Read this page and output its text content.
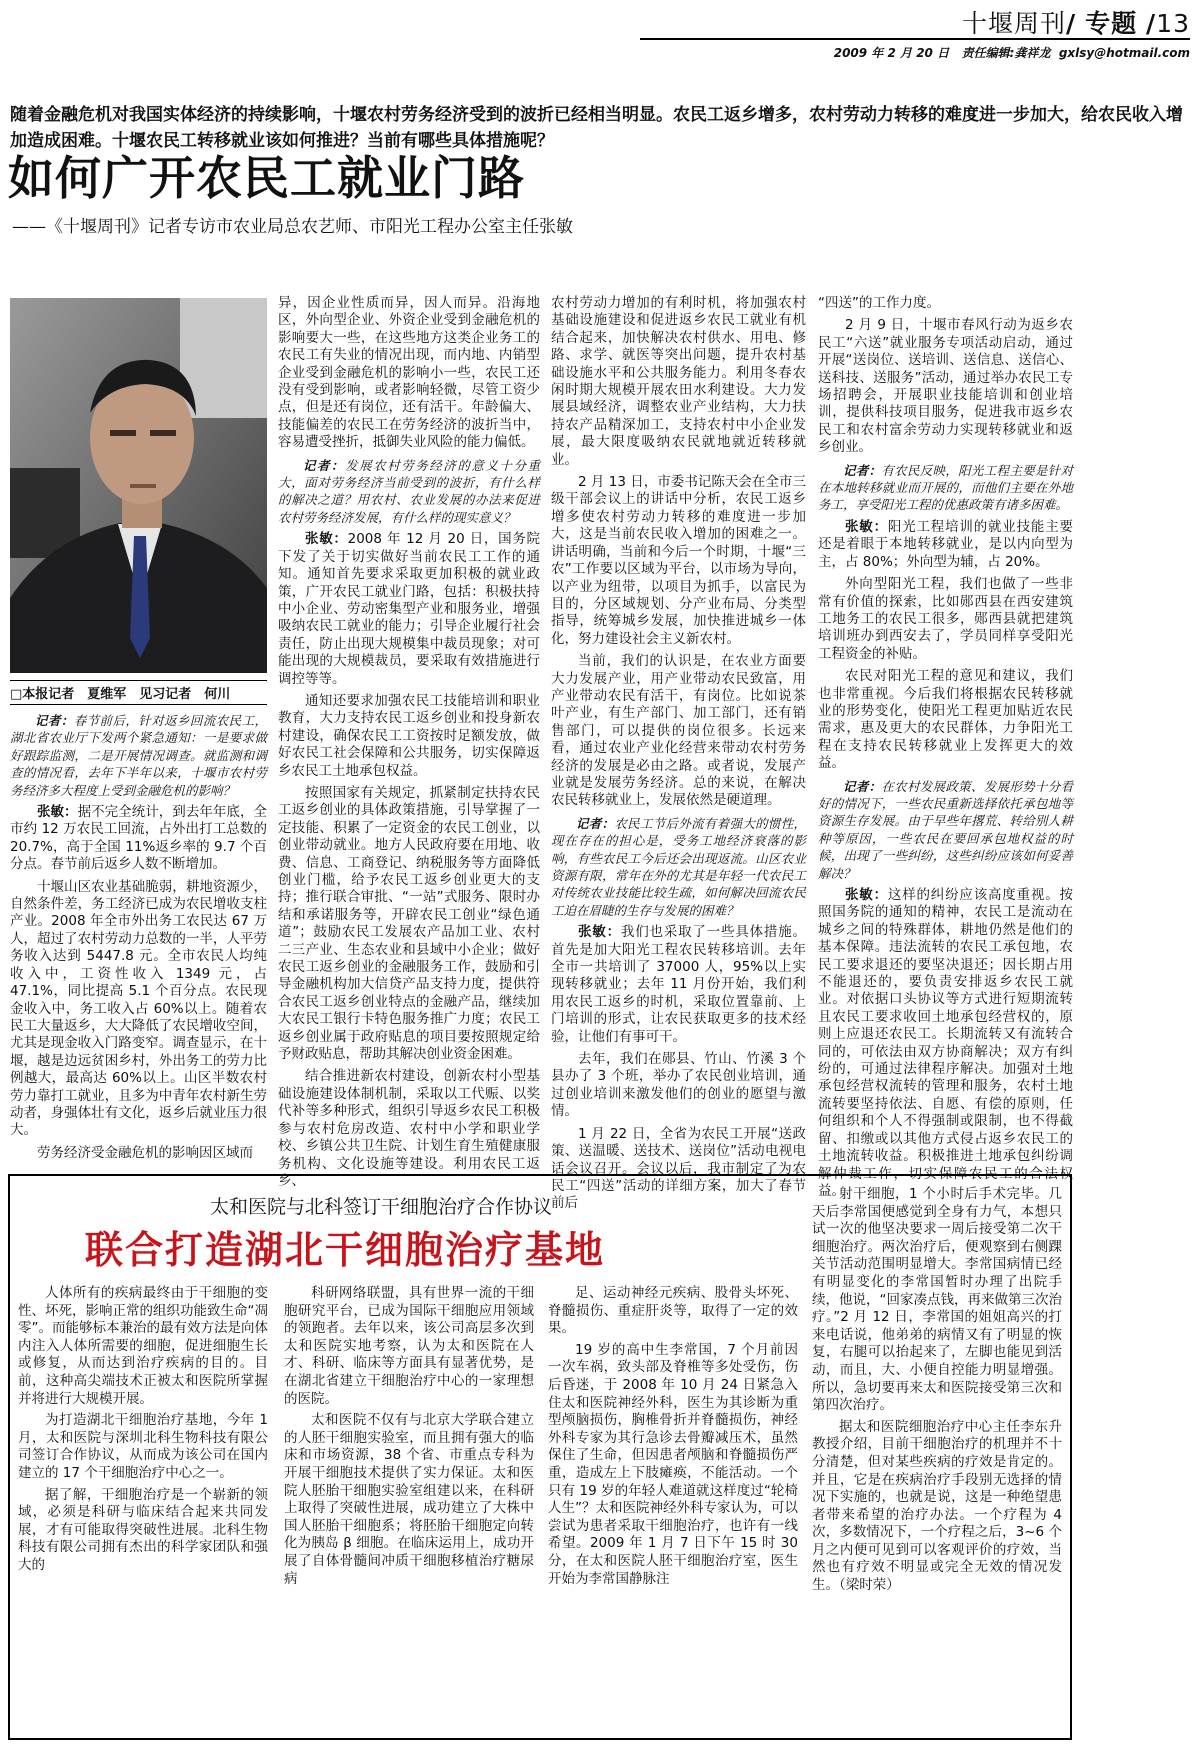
十堰周刊/ 专题 /13
2009 年 2 月 20 日 责任编辑:龚祥龙 gxlsy@hotmail.com
随着金融危机对我国实体经济的持续影响，十堰农村劳务经济受到的波折已经相当明显。农民工返乡增多，农村劳动力转移的难度进一步加大，给农民收入增加造成困难。十堰农民工转移就业该如何推进？当前有哪些具体措施呢？
如何广开农民工就业门路
——《十堰周刊》记者专访市农业局总农艺师、市阳光工程办公室主任张敏
□本报记者　夏维军　见习记者　何川

记者：春节前后，针对返乡回流农民工，湖北省农业厅下发两个紧急通知：一是要求做好跟踪监测，二是开展情况调查。就监测和调查的情况看，去年下半年以来，十堰市农村劳务经济多大程度上受到金融危机的影响？

张敏：据不完全统计，到去年年底，全市约 12 万农民工回流，占外出打工总数的 20.7%，高于全国 11%返乡率的 9.7 个百分点。春节前后返乡人数不断增加。

十堰山区农业基础脆弱，耕地资源少，自然条件差，务工经济已成为农民增收支柱产业。2008 年全市外出务工农民达 67 万人，超过了农村劳动力总数的一半，人平劳务收入达到 5447.8 元。全市农民人均纯收入中，工资性收入 1349 元，占 47.1%，同比提高 5.1 个百分点。农民现金收入中，务工收入占 60%以上。随着农民工大量返乡，大大降低了农民增收空间，尤其是现金收入门路变窄。调查显示，在十堰，越是边远贫困乡村，外出务工的劳力比例越大，最高达 60%以上。山区半数农村劳力靠打工就业，且多为中青年农村新生劳动者，身强体壮有文化，返乡后就业压力很大。

劳务经济受金融危机的影响因区域而

异，因企业性质而异，因人而异。沿海地区，外向型企业、外资企业受到金融危机的影响要大一些，在这些地方这类企业务工的农民工有失业的情况出现，而内地、内销型企业受到金融危机的影响小一些，农民工还没有受到影响，或者影响轻微，尽管工资少点，但是还有岗位，还有活干。年龄偏大、技能偏差的农民工在劳务经济的波折当中，容易遭受挫折，抵御失业风险的能力偏低。

记者：发展农村劳务经济的意义十分重大，面对劳务经济当前受到的波折，有什么样的解决之道？用农村、农业发展的办法来促进农村劳务经济发展，有什么样的现实意义？

张敏：2008 年 12 月 20 日，国务院下发了关于切实做好当前农民工工作的通知。通知首先要求采取更加积极的就业政策，广开农民工就业门路，包括：积极扶持中小企业、劳动密集型产业和服务业，增强吸纳农民工就业的能力；引导企业履行社会责任，防止出现大规模集中裁员现象；对可能出现的大规模裁员，要采取有效措施进行调控等等。

通知还要求加强农民工技能培训和职业教育，大力支持农民工返乡创业和投身新农村建设，确保农民工工资按时足额发放，做好农民工社会保障和公共服务，切实保障返乡农民工土地承包权益。

按照国家有关规定，抓紧制定扶持农民工返乡创业的具体政策措施，引导掌握了一定技能、积累了一定资金的农民工创业，以创业带动就业。地方人民政府要在用地、收费、信息、工商登记、纳税服务等方面降低创业门槛，给予农民工返乡创业更大的支持；推行联合审批、“一站”式服务、限时办结和承诺服务等，开辟农民工创业“绿色通道”；鼓励农民工发展农产品加工业、农村二三产业、生态农业和县域中小企业；做好农民工返乡创业的金融服务工作，鼓励和引导金融机构加大信贷产品支持力度，提供符合农民工返乡创业特点的金融产品，继续加大农民工银行卡特色服务推广力度；农民工返乡创业属于政府贴息的项目要按照规定给予财政贴息，帮助其解决创业资金困难。

结合推进新农村建设，创新农村小型基础设施建设体制机制，采取以工代赈、以奖代补等多种形式，组织引导返乡农民工积极参与农村危房改造、农村中小学和职业学校、乡镇公共卫生院、计划生育生殖健康服务机构、文化设施等建设。利用农民工返乡、

农村劳动力增加的有利时机，将加强农村基础设施建设和促进返乡农民工就业有机结合起来，加快解决农村供水、用电、修路、求学、就医等突出问题，提升农村基础设施水平和公共服务能力。利用冬春农闲时期大规模开展农田水利建设。大力发展县域经济，调整农业产业结构，大力扶持农产品精深加工，支持农村中小企业发展，最大限度吸纳农民就地就近转移就业。

2 月 13 日，市委书记陈天会在全市三级干部会议上的讲话中分析，农民工返乡增多使农村劳动力转移的难度进一步加大，这是当前农民收入增加的困难之一。讲话明确，当前和今后一个时期，十堰“三农”工作要以区域为平台，以市场为导向，以产业为纽带，以项目为抓手，以富民为目的，分区域规划、分产业布局、分类型指导，统筹城乡发展，加快推进城乡一体化，努力建设社会主义新农村。

当前，我们的认识是，在农业方面要大力发展产业，用产业带动农民致富，用产业带动农民有活干，有岗位。比如说茶叶产业，有生产部门、加工部门，还有销售部门，可以提供的岗位很多。长远来看，通过农业产业化经营来带动农村劳务经济的发展是必由之路。或者说，发展产业就是发展劳务经济。总的来说，在解决农民转移就业上，发展依然是硬道理。

记者：农民工节后外流有着强大的惯性，现在存在的担心是，受务工地经济衰落的影响，有些农民工今后还会出现返流。山区农业资源有限，常年在外的尤其是年轻一代农民工对传统农业技能比较生疏，如何解决回流农民工迫在眉睫的生存与发展的困难？

张敏：我们也采取了一些具体措施。首先是加大阳光工程农民转移培训。去年全市一共培训了 37000 人，95%以上实现转移就业；去年 11 月份开始，我们利用农民工返乡的时机，采取位置靠前、上门培训的形式，让农民获取更多的技术经验，让他们有事可干。

去年，我们在郧县、竹山、竹溪 3 个县办了 3 个班，举办了农民创业培训，通过创业培训来激发他们的创业的愿望与激情。

1 月 22 日，全省为农民工开展“送政策、送温暖、送技术、送岗位”活动电视电话会议召开。会议以后，我市制定了为农民工“四送”活动的详细方案，加大了春节前后

“四送”的工作力度。

2 月 9 日，十堰市春风行动为返乡农民工“六送”就业服务专项活动启动，通过开展“送岗位、送培训、送信息、送信心、送科技、送服务”活动，通过举办农民工专场招聘会，开展职业技能培训和创业培训，提供科技项目服务，促进我市返乡农民工和农村富余劳动力实现转移就业和返乡创业。

记者：有农民反映，阳光工程主要是针对在本地转移就业而开展的，而他们主要在外地务工，享受阳光工程的优惠政策有诸多困难。

张敏：阳光工程培训的就业技能主要还是着眼于本地转移就业，是以内向型为主，占 80%；外向型为辅，占 20%。

外向型阳光工程，我们也做了一些非常有价值的探索，比如郧西县在西安建筑工地务工的农民工很多，郧西县就把建筑培训班办到西安去了，学员同样享受阳光工程资金的补贴。

农民对阳光工程的意见和建议，我们也非常重视。今后我们将根据农民转移就业的形势变化，使阳光工程更加贴近农民需求，惠及更大的农民群体，力争阳光工程在支持农民转移就业上发挥更大的效益。

记者：在农村发展政策、发展形势十分看好的情况下，一些农民重新选择依托承包地等资源生存发展。由于早些年撂荒、转给别人耕种等原因，一些农民在要回承包地权益的时候，出现了一些纠纷，这些纠纷应该如何妥善解决？

张敏：这样的纠纷应该高度重视。按照国务院的通知的精神，农民工是流动在城乡之间的特殊群体，耕地仍然是他们的基本保障。违法流转的农民工承包地，农民工要求退还的要坚决退还；因长期占用不能退还的，要负责安排返乡农民工就业。对依据口头协议等方式进行短期流转且农民工要求收回土地承包经营权的，原则上应退还农民工。长期流转又有流转合同的，可依法由双方协商解决；双方有纠纷的，可通过法律程序解决。加强对土地承包经营权流转的管理和服务，农村土地流转要坚持依法、自愿、有偿的原则，任何组织和个人不得强制或限制，也不得截留、扣缴或以其他方式侵占返乡农民工的土地流转收益。积极推进土地承包纠纷调解仲裁工作，切实保障农民工的合法权益。

太和医院与北科签订干细胞治疗合作协议
联合打造湖北干细胞治疗基地

人体所有的疾病最终由于干细胞的变性、坏死，影响正常的组织功能致生命“凋零”。而能够标本兼治的最有效方法是向体内注入人体所需要的细胞，促进细胞生长或修复，从而达到治疗疾病的目的。目前，这种高尖端技术正被太和医院所掌握并将进行大规模开展。

为打造湖北干细胞治疗基地，今年 1 月，太和医院与深圳北科生物科技有限公司签订合作协议，从而成为该公司在国内建立的 17 个干细胞治疗中心之一。

据了解，干细胞治疗是一个崭新的领域，必须是科研与临床结合起来共同发展，才有可能取得突破性进展。北科生物科技有限公司拥有杰出的科学家团队和强大的

科研网络联盟，具有世界一流的干细胞研究平台，已成为国际干细胞应用领域的领跑者。去年以来，该公司高层多次到太和医院实地考察，认为太和医院在人才、科研、临床等方面具有显著优势，是在湖北省建立干细胞治疗中心的一家理想的医院。

太和医院不仅有与北京大学联合建立的人胚干细胞实验室，而且拥有强大的临床和市场资源，38 个省、市重点专科为开展干细胞技术提供了实力保证。太和医院人胚胎干细胞实验室组建以来，在科研上取得了突破性进展，成功建立了大株中国人胚胎干细胞系；将胚胎干细胞定向转化为胰岛 β 细胞。在临床运用上，成功开展了自体骨髓间冲质干细胞移植治疗糖尿病

足、运动神经元疾病、股骨头坏死、脊髓损伤、重症肝炎等，取得了一定的效果。

19 岁的高中生李常国，7 个月前因一次车祸，致头部及脊椎等多处受伤，伤后昏迷，于 2008 年 10 月 24 日紧急入住太和医院神经外科，医生为其诊断为重型颅脑损伤，胸椎骨折并脊髓损伤，神经外科专家为其行急诊去骨瓣减压术，虽然保住了生命，但因患者颅脑和脊髓损伤严重，造成左上下肢瘫痪，不能活动。一个只有 19 岁的年轻人难道就这样度过“轮椅人生”？太和医院神经外科专家认为，可以尝试为患者采取干细胞治疗，也许有一线希望。2009 年 1 月 7 日下午 15 时 30 分，在太和医院人胚干细胞治疗室，医生开始为李常国静脉注

射干细胞，1 个小时后手术完毕。几天后李常国便感觉到全身有力气，本想只试一次的他坚决要求一周后接受第二次干细胞治疗。两次治疗后，便观察到右侧踝关节活动范围明显增大。李常国病情已经有明显变化的李常国暂时办理了出院手续，他说，“回家凑点钱，再来做第三次治疗。”2 月 12 日，李常国的姐姐高兴的打来电话说，他弟弟的病情又有了明显的恢复，右腿可以抬起来了，左脚也能见到活动，而且，大、小便自控能力明显增强。所以，急切要再来太和医院接受第三次和第四次治疗。

据太和医院细胞治疗中心主任李东升教授介绍，目前干细胞治疗的机理并不十分清楚，但对某些疾病的疗效是肯定的。并且，它是在疾病治疗手段别无选择的情况下实施的，也就是说，这是一种绝望患者带来希望的治疗办法。一个疗程为 4 次，多数情况下，一个疗程之后，3~6 个月之内便可见到可以客观评价的疗效，当然也有疗效不明显或完全无效的情况发生。（梁时荣）
